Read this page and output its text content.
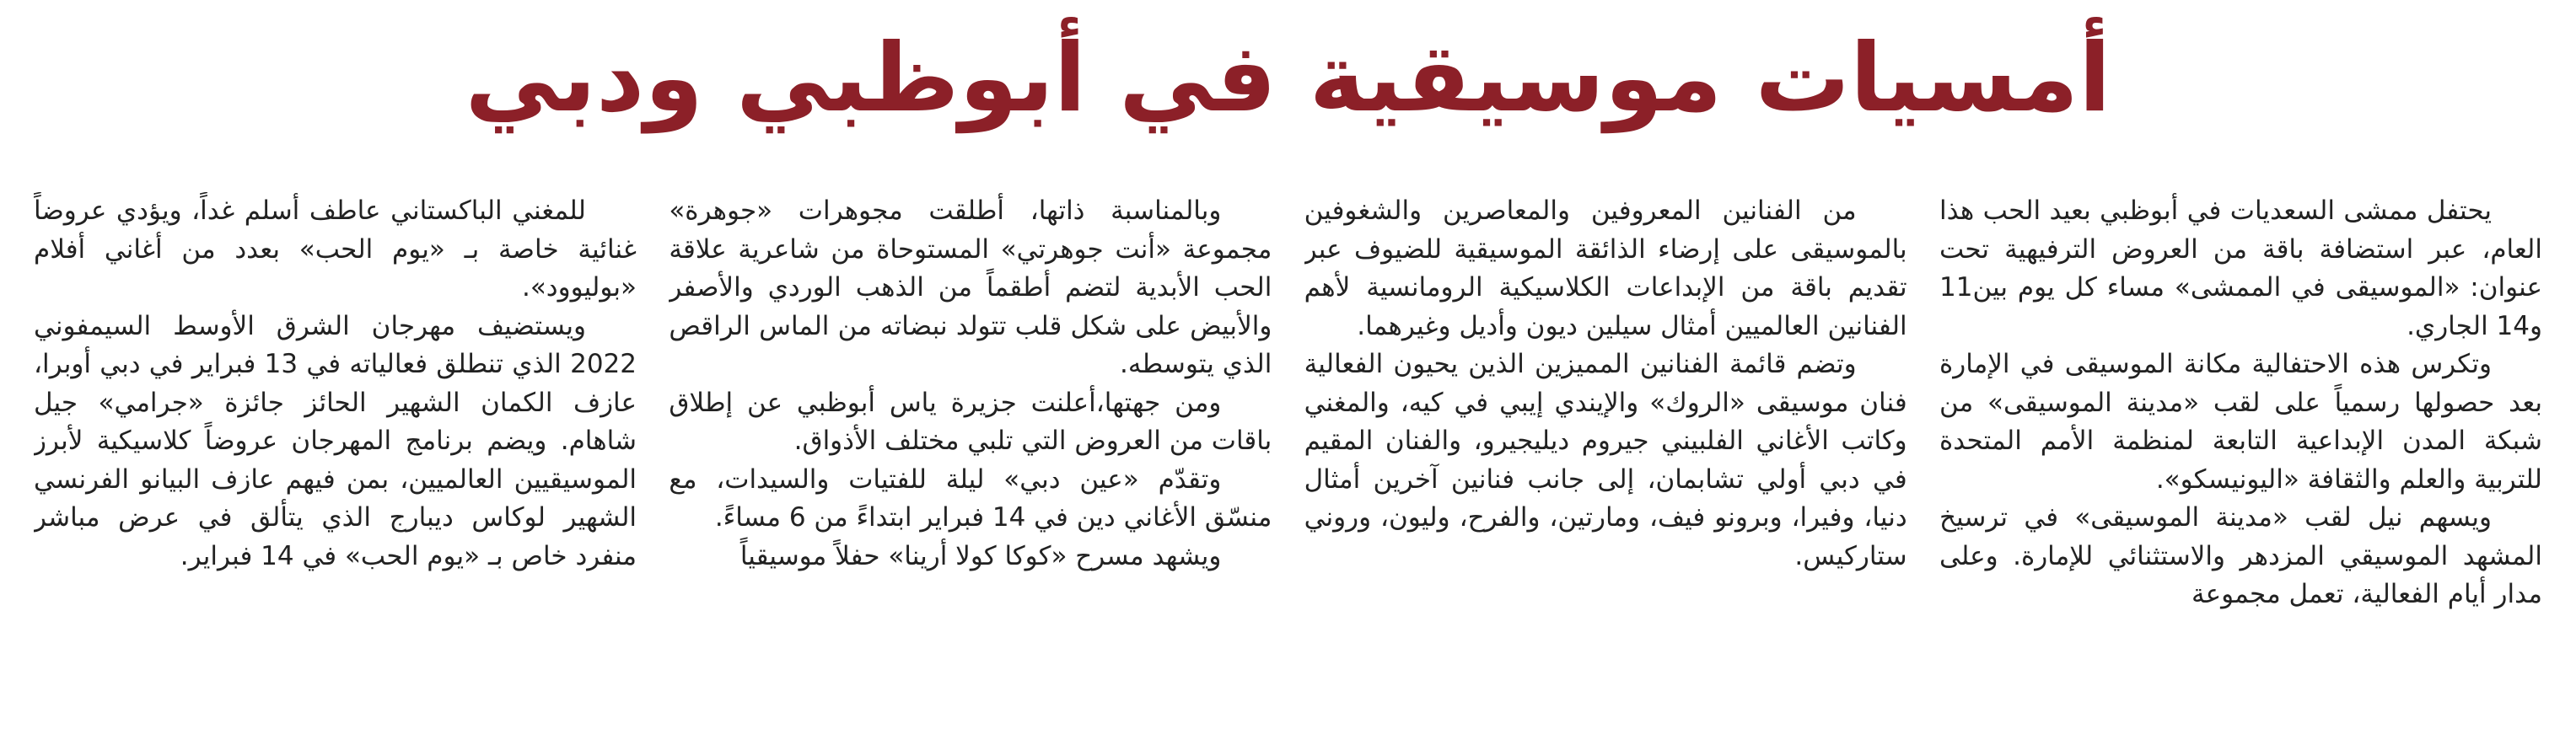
أمسيات موسيقية في أبوظبي ودبي

يحتفل ممشى السعديات في أبوظبي بعيد الحب هذا العام، عبر استضافة باقة من العروض الترفيهية تحت عنوان: «الموسيقى في الممشى» مساء كل يوم بين11 و14 الجاري.

وتكرس هذه الاحتفالية مكانة الموسيقى في الإمارة بعد حصولها رسمياً على لقب «مدينة الموسيقى» من شبكة المدن الإبداعية التابعة لمنظمة الأمم المتحدة للتربية والعلم والثقافة «اليونيسكو».

ويسهم نيل لقب «مدينة الموسيقى» في ترسيخ المشهد الموسيقي المزدهر والاستثنائي للإمارة. وعلى مدار أيام الفعالية، تعمل مجموعة

من الفنانين المعروفين والمعاصرين والشغوفين بالموسيقى على إرضاء الذائقة الموسيقية للضيوف عبر تقديم باقة من الإبداعات الكلاسيكية الرومانسية لأهم الفنانين العالميين أمثال سيلين ديون وأديل وغيرهما.

وتضم قائمة الفنانين المميزين الذين يحيون الفعالية فنان موسيقى «الروك» والإيندي إيبي في كيه، والمغني وكاتب الأغاني الفلبيني جيروم ديليجيرو، والفنان المقيم في دبي أولي تشابمان، إلى جانب فنانين آخرين أمثال دنيا، وفيرا، وبرونو فيف، ومارتين، والفرح، وليون، وروني ستاركيس.

وبالمناسبة ذاتها، أطلقت مجوهرات «جوهرة» مجموعة «أنت جوهرتي» المستوحاة من شاعرية علاقة الحب الأبدية لتضم أطقماً من الذهب الوردي والأصفر والأبيض على شكل قلب تتولد نبضاته من الماس الراقص الذي يتوسطه.

ومن جهتها،أعلنت جزيرة ياس أبوظبي عن إطلاق باقات من العروض التي تلبي مختلف الأذواق.

وتقدّم «عين دبي» ليلة للفتيات والسيدات، مع منسّق الأغاني دين في 14 فبراير ابتداءً من 6 مساءً.

ويشهد مسرح «كوكا كولا أرينا» حفلاً موسيقياً

للمغني الباكستاني عاطف أسلم غداً، ويؤدي عروضاً غنائية خاصة بـ «يوم الحب» بعدد من أغاني أفلام «بوليوود».

ويستضيف مهرجان الشرق الأوسط السيمفوني 2022 الذي تنطلق فعالياته في 13 فبراير في دبي أوبرا، عازف الكمان الشهير الحائز جائزة «جرامي» جيل شاهام. ويضم برنامج المهرجان عروضاً كلاسيكية لأبرز الموسيقيين العالميين، بمن فيهم عازف البيانو الفرنسي الشهير لوكاس ديبارج الذي يتألق في عرض مباشر منفرد خاص بـ «يوم الحب» في 14 فبراير.
